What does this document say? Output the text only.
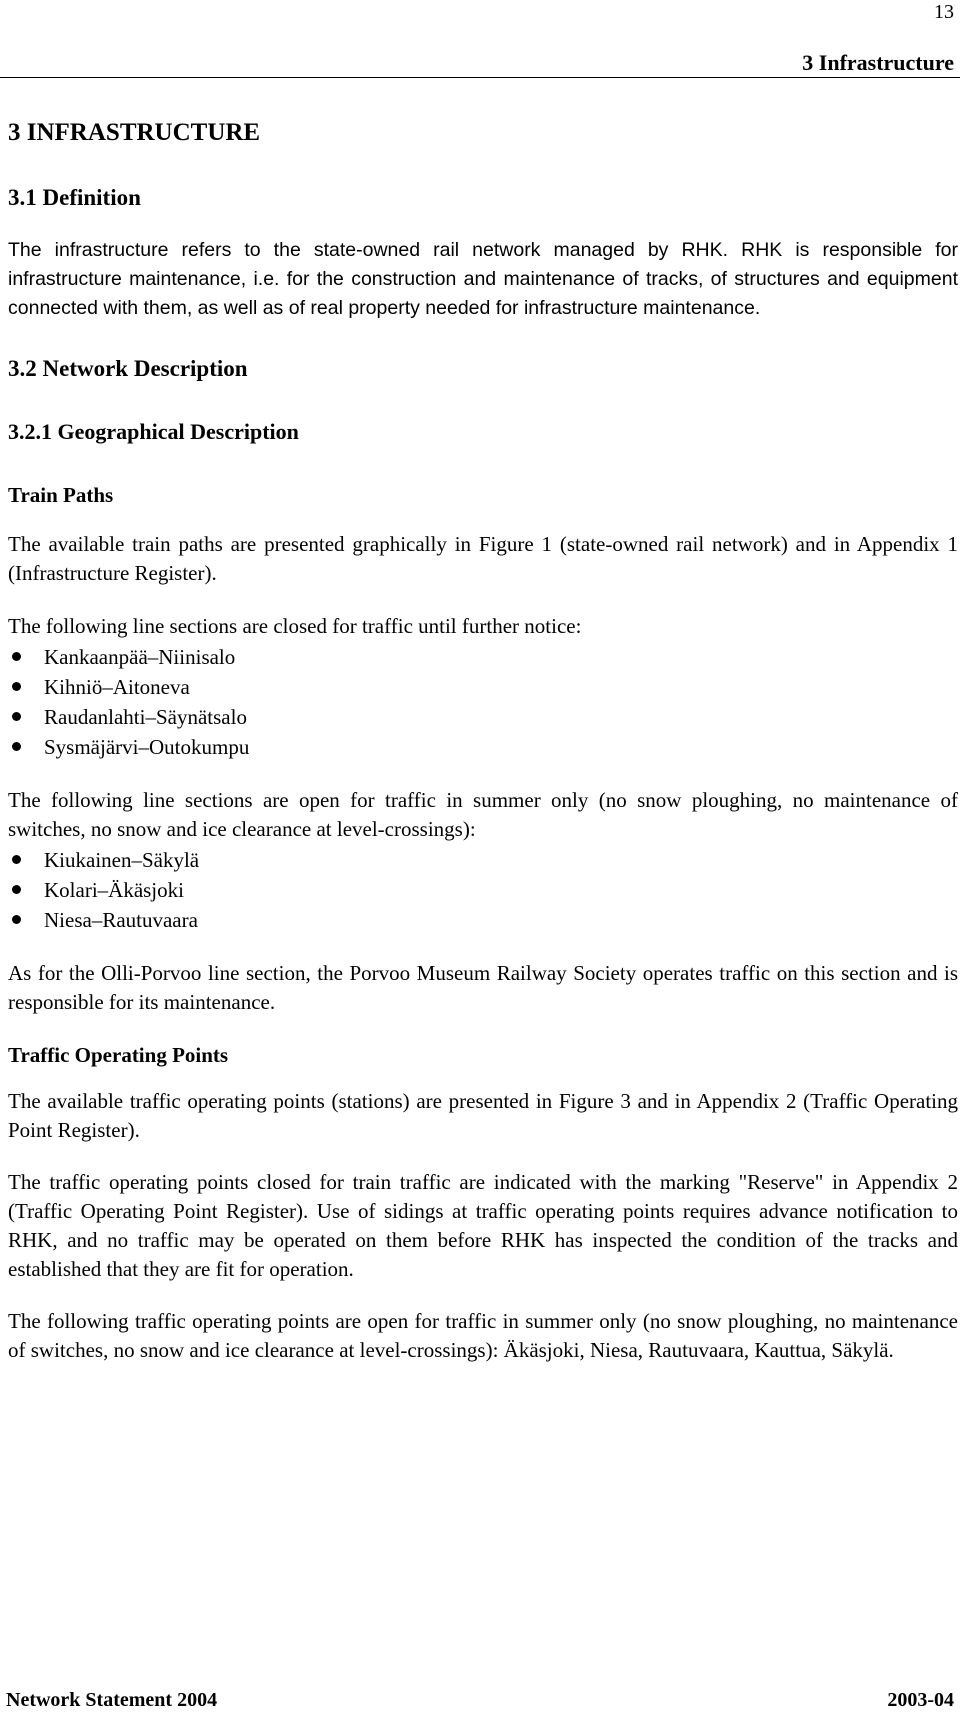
13
3 Infrastructure
3 INFRASTRUCTURE
3.1 Definition

The infrastructure refers to the state-owned rail network managed by RHK. RHK is responsible for infrastructure maintenance, i.e. for the construction and maintenance of tracks, of structures and equipment connected with them, as well as of real property needed for infrastructure maintenance.

3.2 Network Description
3.2.1 Geographical Description
Train Paths

The available train paths are presented graphically in Figure 1 (state-owned rail network) and in Appendix 1 (Infrastructure Register).

The following line sections are closed for traffic until further notice:

Kankaanpää–Niinisalo
Kihniö–Aitoneva
Raudanlahti–Säynätsalo
Sysmäjärvi–Outokumpu

The following line sections are open for traffic in summer only (no snow ploughing, no maintenance of switches, no snow and ice clearance at level-crossings):

Kiukainen–Säkylä
Kolari–Äkäsjoki
Niesa–Rautuvaara

As for the Olli-Porvoo line section, the Porvoo Museum Railway Society operates traffic on this section and is responsible for its maintenance.

Traffic Operating Points

The available traffic operating points (stations) are presented in Figure 3 and in Appendix 2 (Traffic Operating Point Register).

The traffic operating points closed for train traffic are indicated with the marking "Reserve" in Appendix 2 (Traffic Operating Point Register). Use of sidings at traffic operating points requires advance notification to RHK, and no traffic may be operated on them before RHK has inspected the condition of the tracks and established that they are fit for operation.

The following traffic operating points are open for traffic in summer only (no snow ploughing, no maintenance of switches, no snow and ice clearance at level-crossings): Äkäsjoki, Niesa, Rautuvaara, Kauttua, Säkylä.

Network Statement 2004	2003-04
